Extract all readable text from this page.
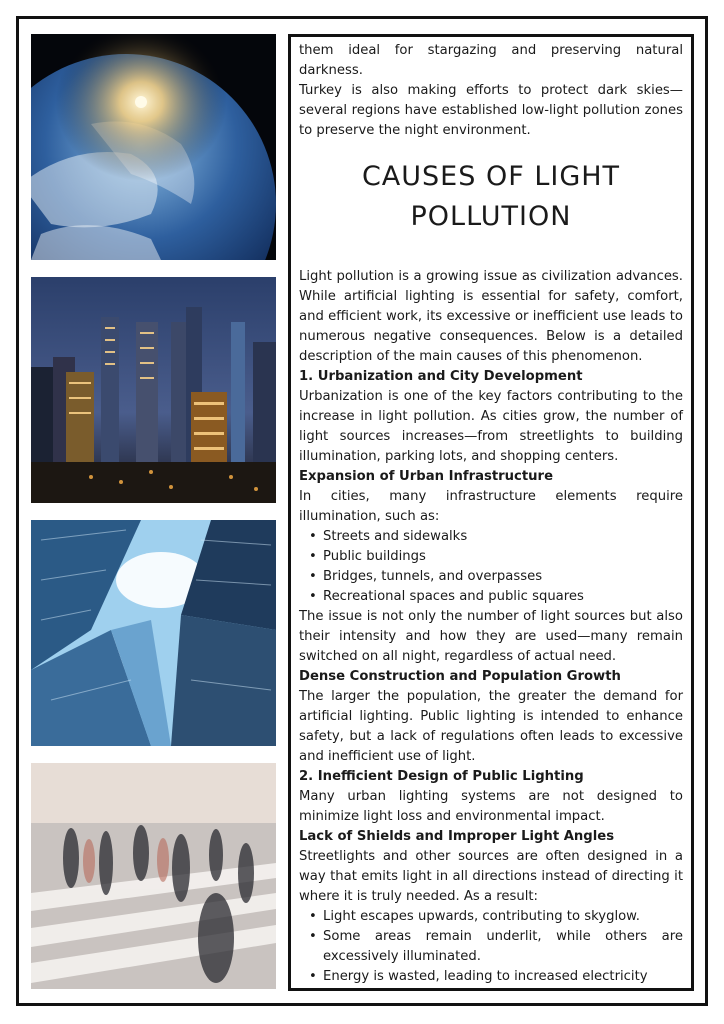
them ideal for stargazing and preserving natural darkness.

Turkey is also making efforts to protect dark skies—several regions have established low-light pollution zones to preserve the night environment.

CAUSES OF LIGHT POLLUTION

Light pollution is a growing issue as civilization advances. While artificial lighting is essential for safety, comfort, and efficient work, its excessive or inefficient use leads to numerous negative consequences. Below is a detailed description of the main causes of this phenomenon.

1. Urbanization and City Development

Urbanization is one of the key factors contributing to the increase in light pollution. As cities grow, the number of light sources increases—from streetlights to building illumination, parking lots, and shopping centers.

Expansion of Urban Infrastructure

In cities, many infrastructure elements require illumination, such as:

• Streets and sidewalks
• Public buildings
• Bridges, tunnels, and overpasses
• Recreational spaces and public squares

The issue is not only the number of light sources but also their intensity and how they are used—many remain switched on all night, regardless of actual need.

Dense Construction and Population Growth

The larger the population, the greater the demand for artificial lighting. Public lighting is intended to enhance safety, but a lack of regulations often leads to excessive and inefficient use of light.

2. Inefficient Design of Public Lighting

Many urban lighting systems are not designed to minimize light loss and environmental impact.

Lack of Shields and Improper Light Angles

Streetlights and other sources are often designed in a way that emits light in all directions instead of directing it where it is truly needed. As a result:

• Light escapes upwards, contributing to skyglow.
• Some areas remain underlit, while others are excessively illuminated.
• Energy is wasted, leading to increased electricity
